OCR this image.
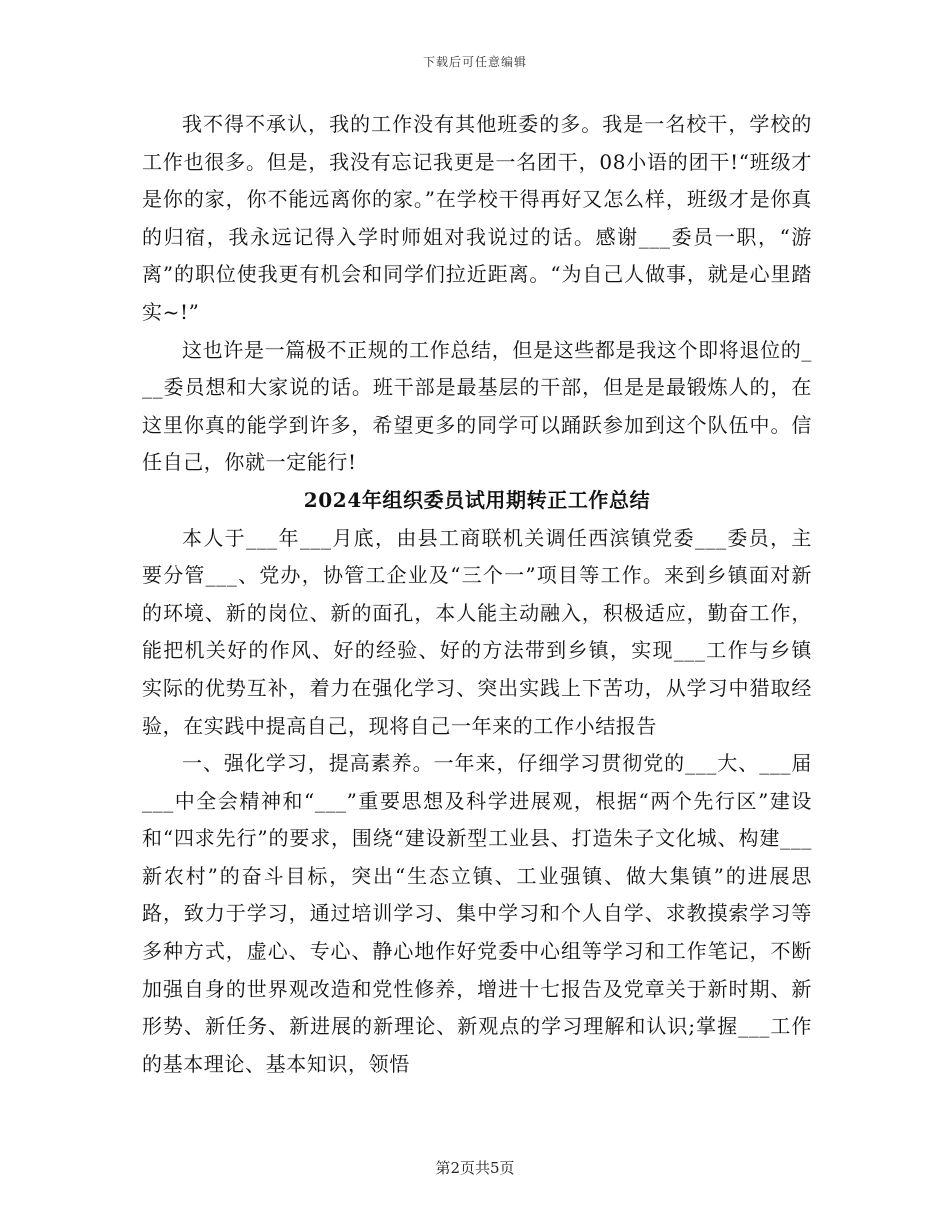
下载后可任意编辑

我不得不承认，我的工作没有其他班委的多。我是一名校干，学校的工作也很多。但是，我没有忘记我更是一名团干，08小语的团干!“班级才是你的家，你不能远离你的家。”在学校干得再好又怎么样，班级才是你真的归宿，我永远记得入学时师姐对我说过的话。感谢___委员一职，“游离”的职位使我更有机会和同学们拉近距离。“为自己人做事，就是心里踏实~!”

这也许是一篇极不正规的工作总结，但是这些都是我这个即将退位的___委员想和大家说的话。班干部是最基层的干部，但是是最锻炼人的，在这里你真的能学到许多，希望更多的同学可以踊跃参加到这个队伍中。信任自己，你就一定能行!

2024年组织委员试用期转正工作总结

本人于___年___月底，由县工商联机关调任西滨镇党委___委员，主要分管___、党办，协管工企业及“三个一”项目等工作。来到乡镇面对新的环境、新的岗位、新的面孔，本人能主动融入，积极适应，勤奋工作，能把机关好的作风、好的经验、好的方法带到乡镇，实现___工作与乡镇实际的优势互补，着力在强化学习、突出实践上下苦功，从学习中猎取经验，在实践中提高自己，现将自己一年来的工作小结报告

一、强化学习，提高素养。一年来，仔细学习贯彻党的___大、___届___中全会精神和“___”重要思想及科学进展观，根据“两个先行区”建设和“四求先行”的要求，围绕“建设新型工业县、打造朱子文化城、构建___新农村”的奋斗目标，突出“生态立镇、工业强镇、做大集镇”的进展思路，致力于学习，通过培训学习、集中学习和个人自学、求教摸索学习等多种方式，虚心、专心、静心地作好党委中心组等学习和工作笔记，不断加强自身的世界观改造和党性修养，增进十七报告及党章关于新时期、新形势、新任务、新进展的新理论、新观点的学习理解和认识;掌握___工作的基本理论、基本知识，领悟

第2页共5页
